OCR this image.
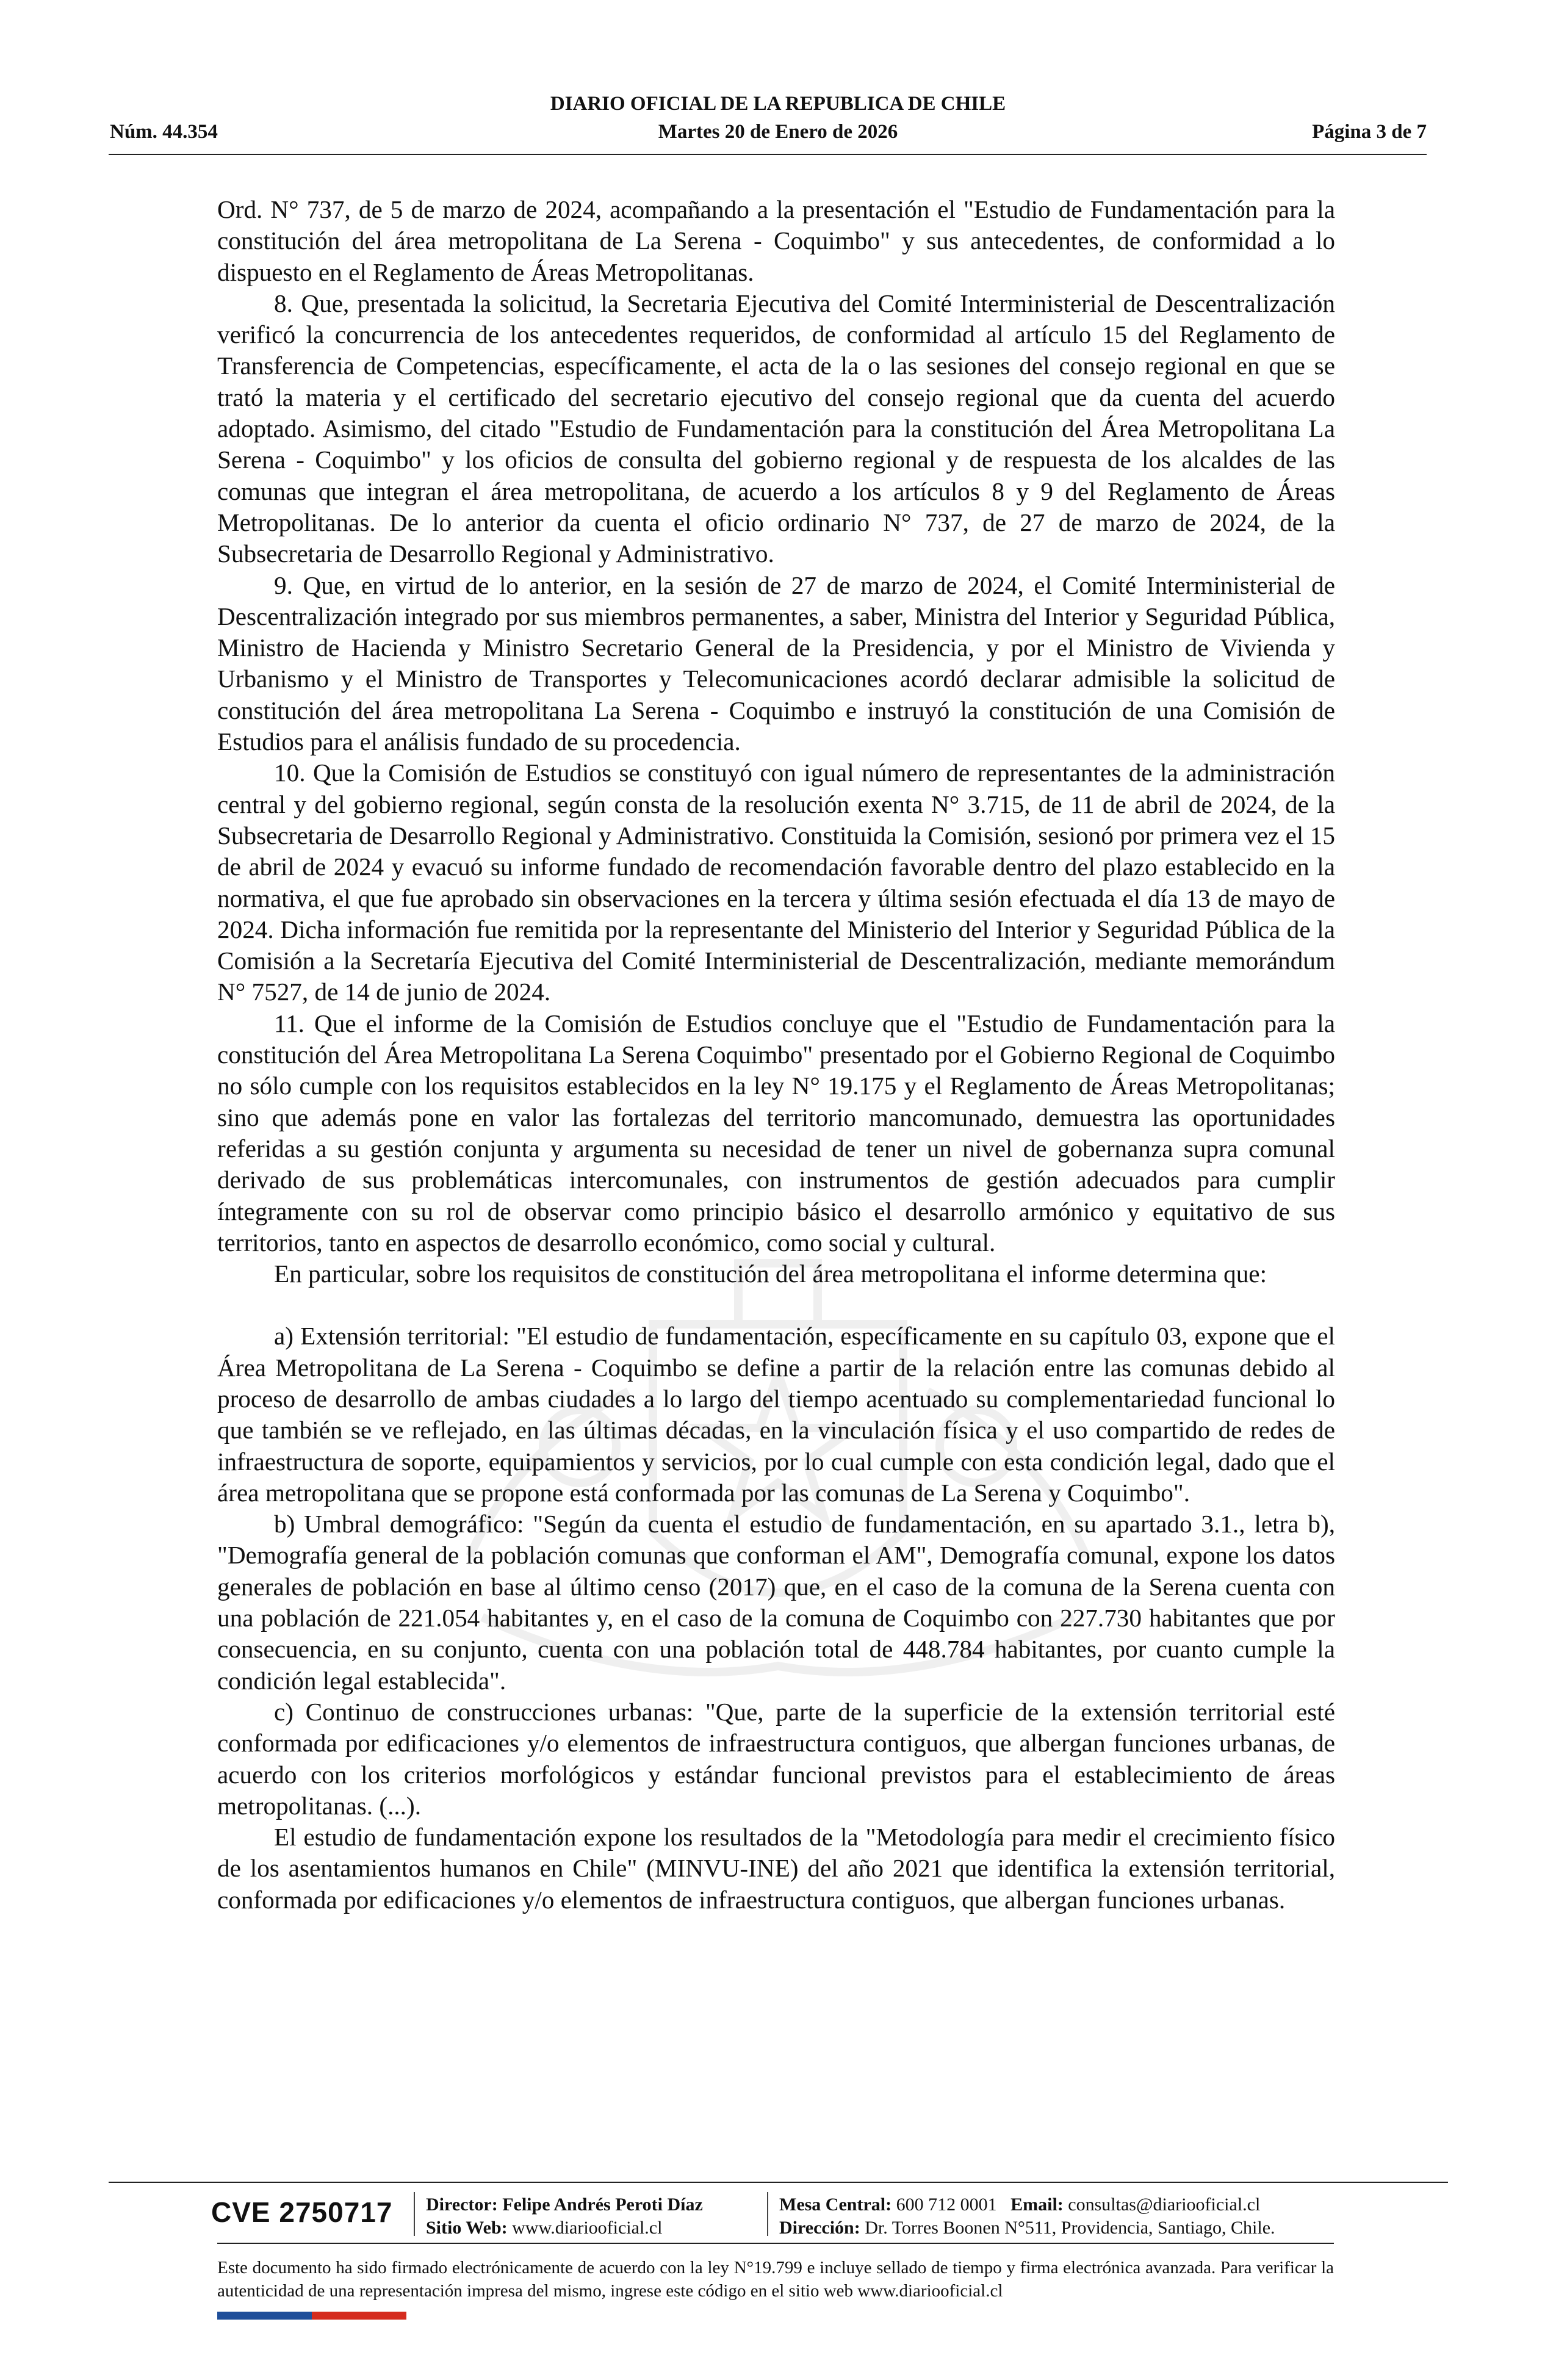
DIARIO OFICIAL DE LA REPUBLICA DE CHILE
Núm. 44.354	Martes 20 de Enero de 2026	Página 3 de 7

Ord. N° 737, de 5 de marzo de 2024, acompañando a la presentación el "Estudio de Fundamentación para la constitución del área metropolitana de La Serena - Coquimbo" y sus antecedentes, de conformidad a lo dispuesto en el Reglamento de Áreas Metropolitanas.

8. Que, presentada la solicitud, la Secretaria Ejecutiva del Comité Interministerial de Descentralización verificó la concurrencia de los antecedentes requeridos, de conformidad al artículo 15 del Reglamento de Transferencia de Competencias, específicamente, el acta de la o las sesiones del consejo regional en que se trató la materia y el certificado del secretario ejecutivo del consejo regional que da cuenta del acuerdo adoptado. Asimismo, del citado "Estudio de Fundamentación para la constitución del Área Metropolitana La Serena - Coquimbo" y los oficios de consulta del gobierno regional y de respuesta de los alcaldes de las comunas que integran el área metropolitana, de acuerdo a los artículos 8 y 9 del Reglamento de Áreas Metropolitanas. De lo anterior da cuenta el oficio ordinario N° 737, de 27 de marzo de 2024, de la Subsecretaria de Desarrollo Regional y Administrativo.

9. Que, en virtud de lo anterior, en la sesión de 27 de marzo de 2024, el Comité Interministerial de Descentralización integrado por sus miembros permanentes, a saber, Ministra del Interior y Seguridad Pública, Ministro de Hacienda y Ministro Secretario General de la Presidencia, y por el Ministro de Vivienda y Urbanismo y el Ministro de Transportes y Telecomunicaciones acordó declarar admisible la solicitud de constitución del área metropolitana La Serena - Coquimbo e instruyó la constitución de una Comisión de Estudios para el análisis fundado de su procedencia.

10. Que la Comisión de Estudios se constituyó con igual número de representantes de la administración central y del gobierno regional, según consta de la resolución exenta N° 3.715, de 11 de abril de 2024, de la Subsecretaria de Desarrollo Regional y Administrativo. Constituida la Comisión, sesionó por primera vez el 15 de abril de 2024 y evacuó su informe fundado de recomendación favorable dentro del plazo establecido en la normativa, el que fue aprobado sin observaciones en la tercera y última sesión efectuada el día 13 de mayo de 2024. Dicha información fue remitida por la representante del Ministerio del Interior y Seguridad Pública de la Comisión a la Secretaría Ejecutiva del Comité Interministerial de Descentralización, mediante memorándum N° 7527, de 14 de junio de 2024.

11. Que el informe de la Comisión de Estudios concluye que el "Estudio de Fundamentación para la constitución del Área Metropolitana La Serena Coquimbo" presentado por el Gobierno Regional de Coquimbo no sólo cumple con los requisitos establecidos en la ley N° 19.175 y el Reglamento de Áreas Metropolitanas; sino que además pone en valor las fortalezas del territorio mancomunado, demuestra las oportunidades referidas a su gestión conjunta y argumenta su necesidad de tener un nivel de gobernanza supra comunal derivado de sus problemáticas intercomunales, con instrumentos de gestión adecuados para cumplir íntegramente con su rol de observar como principio básico el desarrollo armónico y equitativo de sus territorios, tanto en aspectos de desarrollo económico, como social y cultural.

En particular, sobre los requisitos de constitución del área metropolitana el informe determina que:

a) Extensión territorial: "El estudio de fundamentación, específicamente en su capítulo 03, expone que el Área Metropolitana de La Serena - Coquimbo se define a partir de la relación entre las comunas debido al proceso de desarrollo de ambas ciudades a lo largo del tiempo acentuado su complementariedad funcional lo que también se ve reflejado, en las últimas décadas, en la vinculación física y el uso compartido de redes de infraestructura de soporte, equipamientos y servicios, por lo cual cumple con esta condición legal, dado que el área metropolitana que se propone está conformada por las comunas de La Serena y Coquimbo".

b) Umbral demográfico: "Según da cuenta el estudio de fundamentación, en su apartado 3.1., letra b), "Demografía general de la población comunas que conforman el AM", Demografía comunal, expone los datos generales de población en base al último censo (2017) que, en el caso de la comuna de la Serena cuenta con una población de 221.054 habitantes y, en el caso de la comuna de Coquimbo con 227.730 habitantes que por consecuencia, en su conjunto, cuenta con una población total de 448.784 habitantes, por cuanto cumple la condición legal establecida".

c) Continuo de construcciones urbanas: "Que, parte de la superficie de la extensión territorial esté conformada por edificaciones y/o elementos de infraestructura contiguos, que albergan funciones urbanas, de acuerdo con los criterios morfológicos y estándar funcional previstos para el establecimiento de áreas metropolitanas. (...).

El estudio de fundamentación expone los resultados de la "Metodología para medir el crecimiento físico de los asentamientos humanos en Chile" (MINVU-INE) del año 2021 que identifica la extensión territorial, conformada por edificaciones y/o elementos de infraestructura contiguos, que albergan funciones urbanas.

CVE 2750717 Director: Felipe Andrés Peroti Díaz
Sitio Web: www.diariooficial.cl
Mesa Central: 600 712 0001 Email: consultas@diariooficial.cl
Dirección: Dr. Torres Boonen N°511, Providencia, Santiago, Chile.
Este documento ha sido firmado electrónicamente de acuerdo con la ley N°19.799 e incluye sellado de tiempo y firma electrónica avanzada. Para verificar la autenticidad de una representación impresa del mismo, ingrese este código en el sitio web www.diariooficial.cl
